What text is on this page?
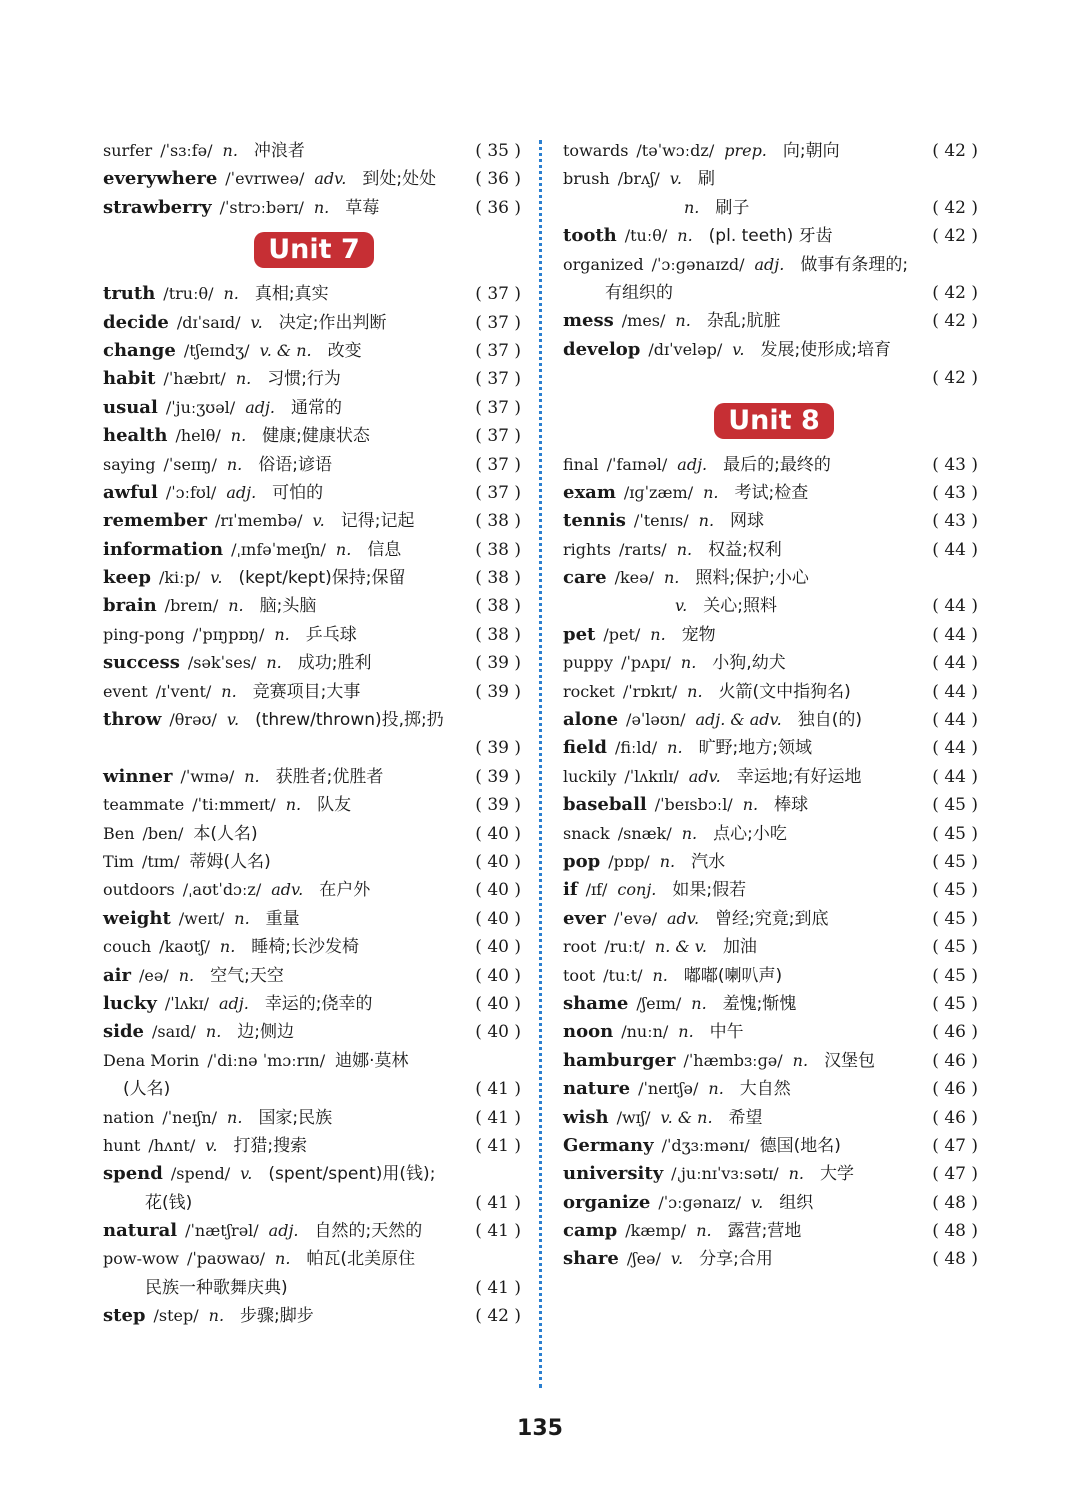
surfer /ˈsɜːfə/ n. 冲浪者	( 35 )
everywhere /ˈevrɪweə/ adv. 到处;处处 ( 36 )
strawberry /ˈstrɔːbərɪ/ n. 草莓	( 36 )
Unit 7
truth /truːθ/ n. 真相;真实	( 37 )
decide /dɪˈsaɪd/ v. 决定;作出判断	( 37 )
change /tʃeɪndʒ/ v. & n. 改变	( 37 )
habit /ˈhæbɪt/ n. 习惯;行为	( 37 )
usual /ˈjuːʒʊəl/ adj. 通常的	( 37 )
health /helθ/ n. 健康;健康状态	( 37 )
saying /ˈseɪɪŋ/ n. 俗语;谚语	( 37 )
awful /ˈɔːfʊl/ adj. 可怕的	( 37 )
remember /rɪˈmembə/ v. 记得;记起	( 38 )
information /ˌɪnfəˈmeɪʃn/ n. 信息	( 38 )
keep /kiːp/ v. (kept/kept)保持;保留	( 38 )
brain /breɪn/ n. 脑;头脑	( 38 )
ping-pong /ˈpɪŋpɒŋ/ n. 乒乓球	( 38 )
success /səkˈses/ n. 成功;胜利	( 39 )
event /ɪˈvent/ n. 竞赛项目;大事	( 39 )
throw /θrəʊ/ v. (threw/thrown)投,掷;扔
( 39 )
winner /ˈwɪnə/ n. 获胜者;优胜者	( 39 )
teammate /ˈtiːmmeɪt/ n. 队友	( 39 )
Ben /ben/ 本(人名)	( 40 )
Tim /tɪm/ 蒂姆(人名)	( 40 )
outdoors /ˌaʊtˈdɔːz/ adv. 在户外	( 40 )
weight /weɪt/ n. 重量	( 40 )
couch /kaʊtʃ/ n. 睡椅;长沙发椅	( 40 )
air /eə/ n. 空气;天空	( 40 )
lucky /ˈlʌkɪ/ adj. 幸运的;侥幸的	( 40 )
side /saɪd/ n. 边;侧边	( 40 )
Dena Morin /ˈdiːnə ˈmɔːrɪn/ 迪娜·莫林
(人名)	( 41 )
nation /ˈneɪʃn/ n. 国家;民族	( 41 )
hunt /hʌnt/ v. 打猎;搜索	( 41 )
spend /spend/ v. (spent/spent)用(钱);
花(钱)	( 41 )
natural /ˈnætʃrəl/ adj. 自然的;天然的	( 41 )
pow-wow /ˈpaʊwaʊ/ n. 帕瓦(北美原住
民族一种歌舞庆典)	( 41 )
step /step/ n. 步骤;脚步	( 42 )
towards /təˈwɔːdz/ prep. 向;朝向	( 42 )
brush /brʌʃ/ v. 刷
n. 刷子	( 42 )
tooth /tuːθ/ n. (pl. teeth) 牙齿	( 42 )
organized /ˈɔːɡənaɪzd/ adj. 做事有条理的;
有组织的	( 42 )
mess /mes/ n. 杂乱;肮脏	( 42 )
develop /dɪˈveləp/ v. 发展;使形成;培育
( 42 )
Unit 8
final /ˈfaɪnəl/ adj. 最后的;最终的	( 43 )
exam /ɪɡˈzæm/ n. 考试;检查	( 43 )
tennis /ˈtenɪs/ n. 网球	( 43 )
rights /raɪts/ n. 权益;权利	( 44 )
care /keə/ n. 照料;保护;小心
v. 关心;照料	( 44 )
pet /pet/ n. 宠物	( 44 )
puppy /ˈpʌpɪ/ n. 小狗,幼犬	( 44 )
rocket /ˈrɒkɪt/ n. 火箭(文中指狗名)	( 44 )
alone /əˈləʊn/ adj. & adv. 独自(的)	( 44 )
field /fiːld/ n. 旷野;地方;领域	( 44 )
luckily /ˈlʌkɪlɪ/ adv. 幸运地;有好运地	( 44 )
baseball /ˈbeɪsbɔːl/ n. 棒球	( 45 )
snack /snæk/ n. 点心;小吃	( 45 )
pop /pɒp/ n. 汽水	( 45 )
if /ɪf/ conj. 如果;假若	( 45 )
ever /ˈevə/ adv. 曾经;究竟;到底	( 45 )
root /ruːt/ n. & v. 加油	( 45 )
toot /tuːt/ n. 嘟嘟(喇叭声)	( 45 )
shame /ʃeɪm/ n. 羞愧;惭愧	( 45 )
noon /nuːn/ n. 中午	( 46 )
hamburger /ˈhæmbɜːɡə/ n. 汉堡包	( 46 )
nature /ˈneɪtʃə/ n. 大自然	( 46 )
wish /wɪʃ/ v. & n. 希望	( 46 )
Germany /ˈdʒɜːmənɪ/ 德国(地名)	( 47 )
university /ˌjuːnɪˈvɜːsətɪ/ n. 大学	( 47 )
organize /ˈɔːɡənaɪz/ v. 组织	( 48 )
camp /kæmp/ n. 露营;营地	( 48 )
share /ʃeə/ v. 分享;合用	( 48 )
135
